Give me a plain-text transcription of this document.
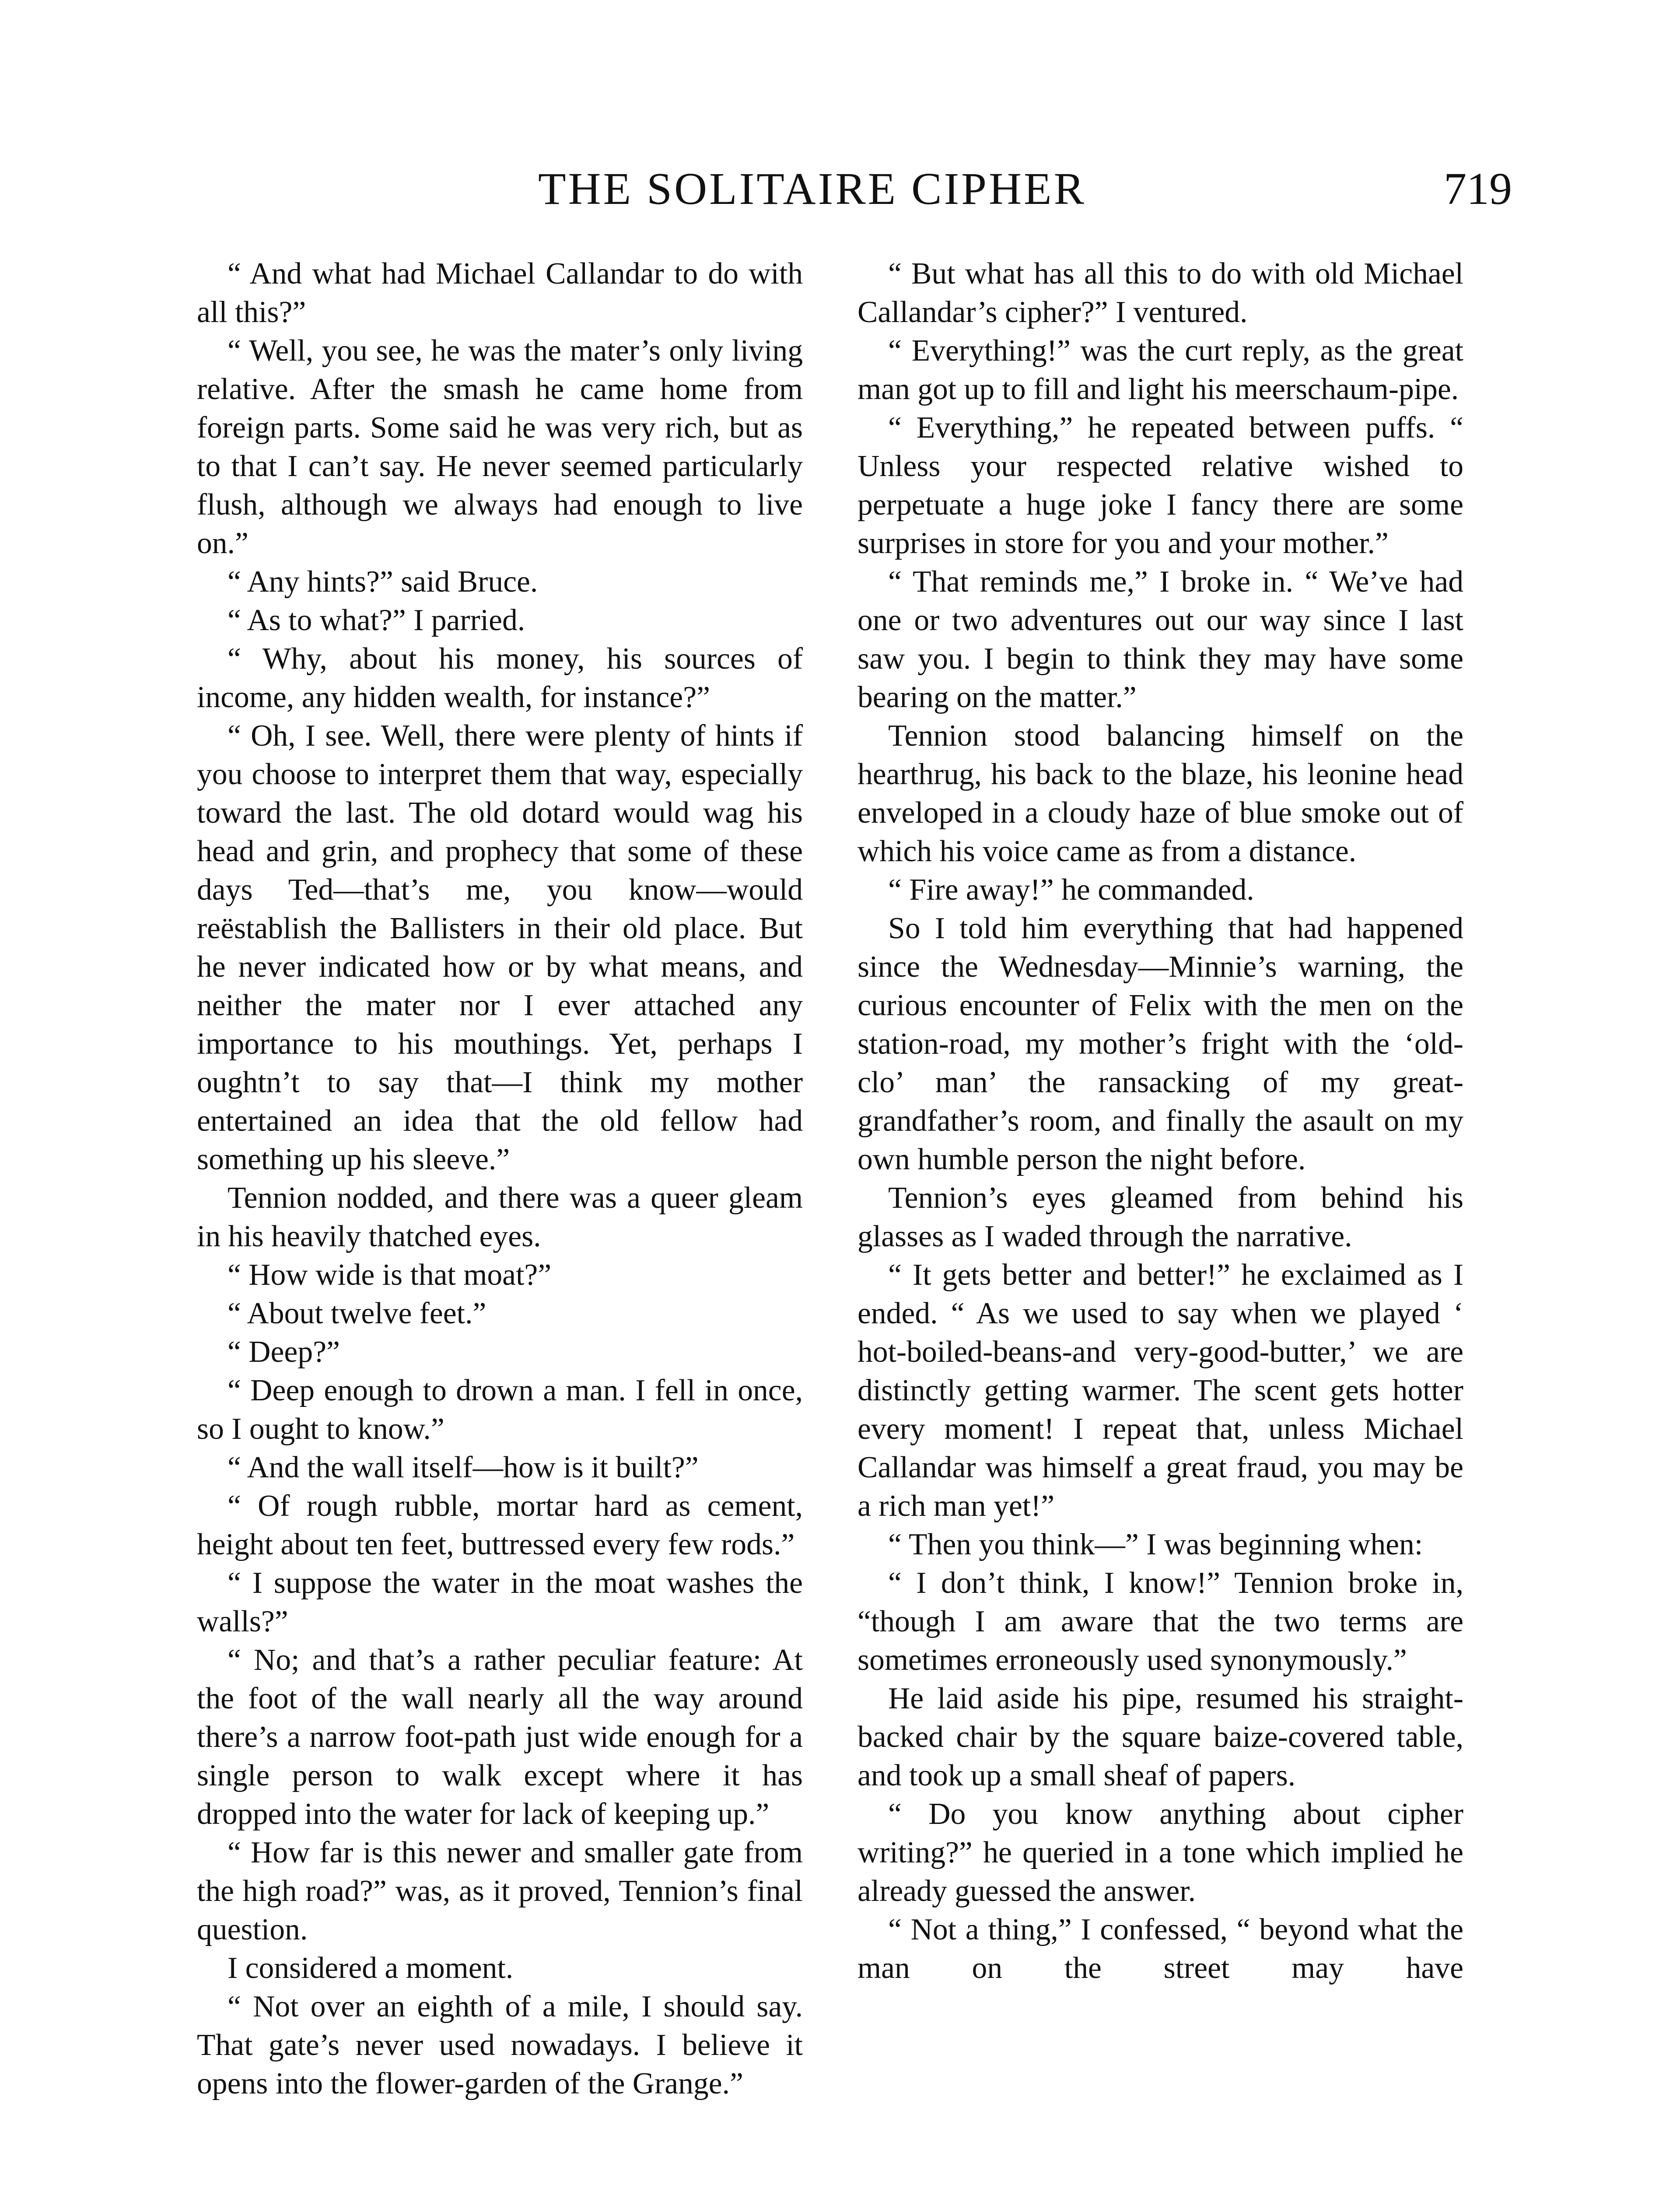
THE SOLITAIRE CIPHER	719

“ And what had Michael Callandar to do with all this?”

“ Well, you see, he was the mater’s only living relative. After the smash he came home from foreign parts. Some said he was very rich, but as to that I can’t say. He never seemed particularly flush, although we always had enough to live on.”

“ Any hints?” said Bruce.

“ As to what?” I parried.

“ Why, about his money, his sources of income, any hidden wealth, for instance?”

“ Oh, I see. Well, there were plenty of hints if you choose to interpret them that way, especially toward the last. The old dotard would wag his head and grin, and prophecy that some of these days Ted—that’s me, you know—would reëstablish the Ballisters in their old place. But he never indicated how or by what means, and neither the mater nor I ever attached any importance to his mouthings. Yet, perhaps I oughtn’t to say that—I think my mother entertained an idea that the old fellow had something up his sleeve.”

Tennion nodded, and there was a queer gleam in his heavily thatched eyes.

“ How wide is that moat?”

“ About twelve feet.”

“ Deep?”

“ Deep enough to drown a man. I fell in once, so I ought to know.”

“ And the wall itself—how is it built?”

“ Of rough rubble, mortar hard as cement, height about ten feet, buttressed every few rods.”

“ I suppose the water in the moat washes the walls?”

“ No; and that’s a rather peculiar feature: At the foot of the wall nearly all the way around there’s a narrow foot-path just wide enough for a single person to walk except where it has dropped into the water for lack of keeping up.”

“ How far is this newer and smaller gate from the high road?” was, as it proved, Tennion’s final question.

I considered a moment.

“ Not over an eighth of a mile, I should say. That gate’s never used nowadays. I believe it opens into the flower-garden of the Grange.”

“ But what has all this to do with old Michael Callandar’s cipher?” I ventured.

“ Everything!” was the curt reply, as the great man got up to fill and light his meerschaum-pipe.

“ Everything,” he repeated between puffs. “ Unless your respected relative wished to perpetuate a huge joke I fancy there are some surprises in store for you and your mother.”

“ That reminds me,” I broke in. “ We’ve had one or two adventures out our way since I last saw you. I begin to think they may have some bearing on the matter.”

Tennion stood balancing himself on the hearthrug, his back to the blaze, his leonine head enveloped in a cloudy haze of blue smoke out of which his voice came as from a distance.

“ Fire away!” he commanded.

So I told him everything that had happened since the Wednesday—Minnie’s warning, the curious encounter of Felix with the men on the station-road, my mother’s fright with the ‘old-clo’ man’ the ransacking of my great-grandfather’s room, and finally the asault on my own humble person the night before.

Tennion’s eyes gleamed from behind his glasses as I waded through the narrative.

“ It gets better and better!” he exclaimed as I ended. “ As we used to say when we played ‘ hot-boiled-beans-and very-good-butter,’ we are distinctly getting warmer. The scent gets hotter every moment! I repeat that, unless Michael Callandar was himself a great fraud, you may be a rich man yet!”

“ Then you think—” I was beginning when:

“ I don’t think, I know!” Tennion broke in, “though I am aware that the two terms are sometimes erroneously used synonymously.”

He laid aside his pipe, resumed his straight-backed chair by the square baize-covered table, and took up a small sheaf of papers.

“ Do you know anything about cipher writing?” he queried in a tone which implied he already guessed the answer.

“ Not a thing,” I confessed, “ beyond what the man on the street may have
